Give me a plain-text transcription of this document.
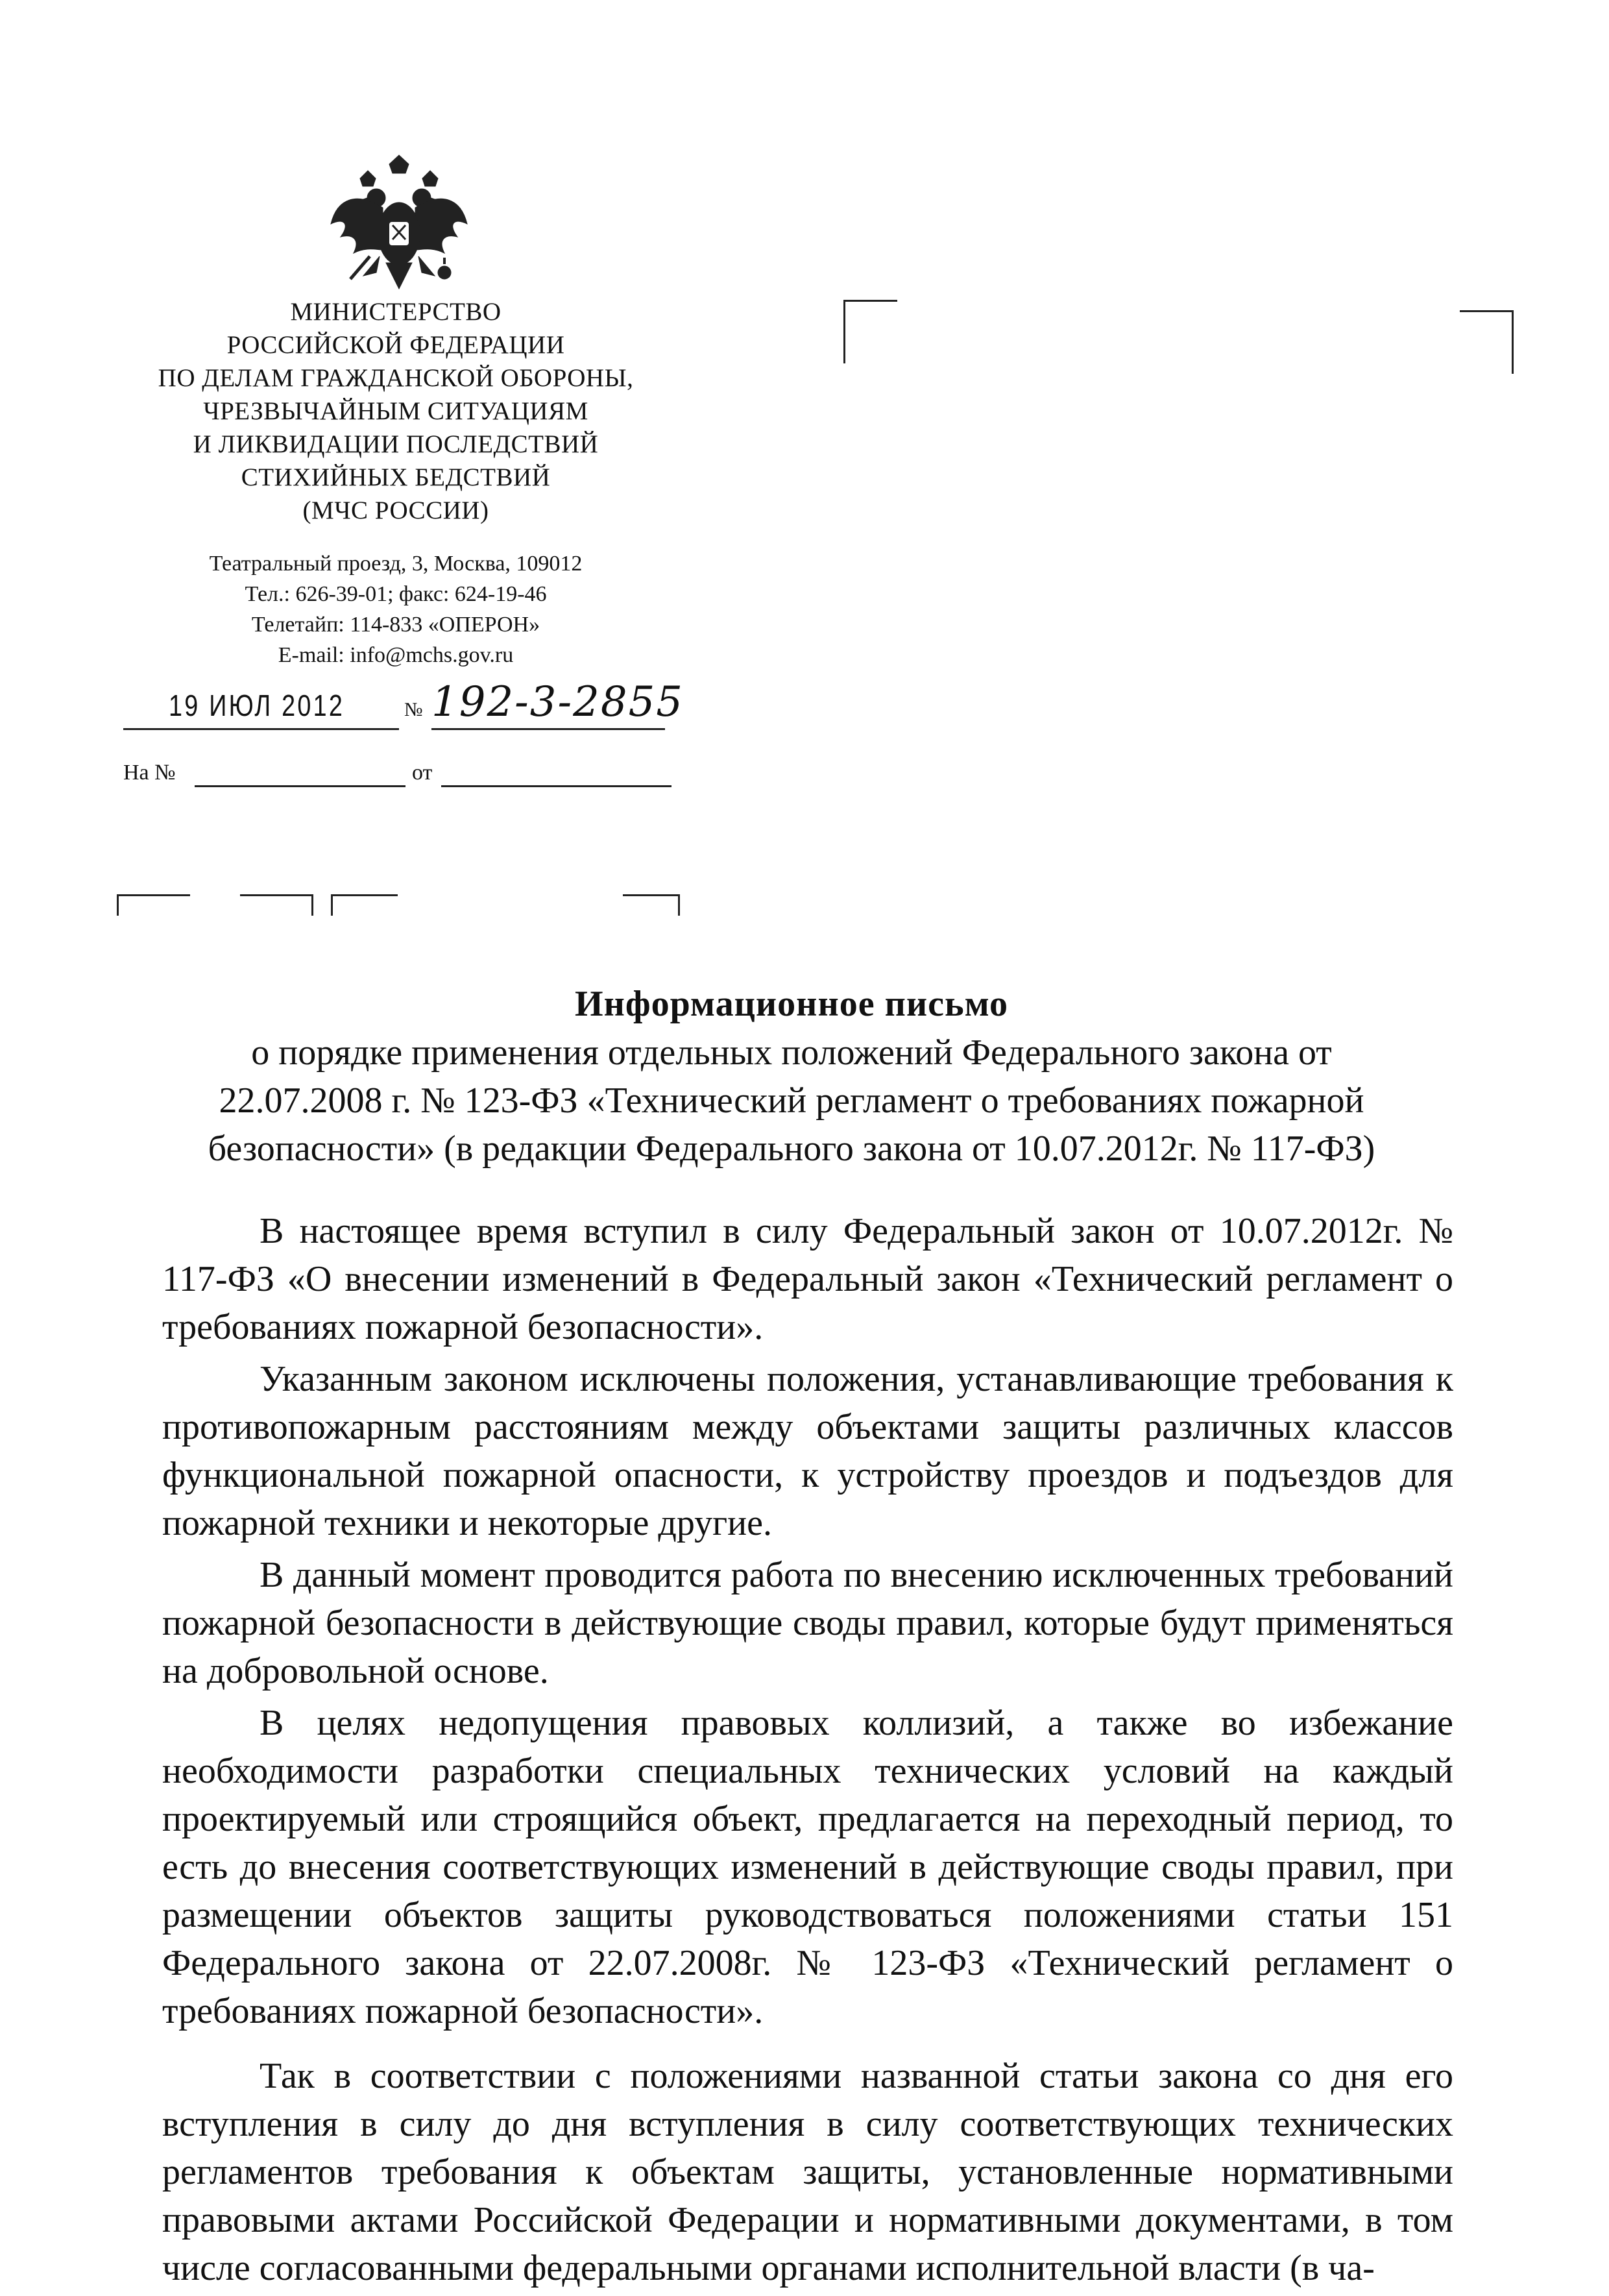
МИНИСТЕРСТВО
РОССИЙСКОЙ ФЕДЕРАЦИИ
ПО ДЕЛАМ ГРАЖДАНСКОЙ ОБОРОНЫ,
ЧРЕЗВЫЧАЙНЫМ СИТУАЦИЯМ
И ЛИКВИДАЦИИ ПОСЛЕДСТВИЙ
СТИХИЙНЫХ БЕДСТВИЙ
(МЧС РОССИИ)
Театральный проезд, 3, Москва, 109012
Тел.: 626-39-01; факс: 624-19-46
Телетайп: 114-833 «ОПЕРОН»
E-mail: info@mchs.gov.ru
19 ИЮЛ 2012	№ 192-3-2855
На №	от
Информационное письмо
о порядке применения отдельных положений Федерального закона от
22.07.2008 г. № 123-ФЗ «Технический регламент о требованиях пожарной
безопасности» (в редакции Федерального закона от 10.07.2012г. № 117-ФЗ)

В настоящее время вступил в силу Федеральный закон от 10.07.2012г. № 117-ФЗ «О внесении изменений в Федеральный закон «Технический регламент о требованиях пожарной безопасности».

Указанным законом исключены положения, устанавливающие требования к противопожарным расстояниям между объектами защиты различных классов функциональной пожарной опасности, к устройству проездов и подъездов для пожарной техники и некоторые другие.

В данный момент проводится работа по внесению исключенных требований пожарной безопасности в действующие своды правил, которые будут применяться на добровольной основе.

В целях недопущения правовых коллизий, а также во избежание необходимости разработки специальных технических условий на каждый проектируемый или строящийся объект, предлагается на переходный период, то есть до внесения соответствующих изменений в действующие своды правил, при размещении объектов защиты руководствоваться положениями статьи 151 Федерального закона от 22.07.2008г. № 123-ФЗ «Технический регламент о требованиях пожарной безопасности».

Так в соответствии с положениями названной статьи закона со дня его вступления в силу до дня вступления в силу соответствующих технических регламентов требования к объектам защиты, установленные нормативными правовыми актами Российской Федерации и нормативными документами, в том числе согласованными федеральными органами исполнительной власти (в ча-
